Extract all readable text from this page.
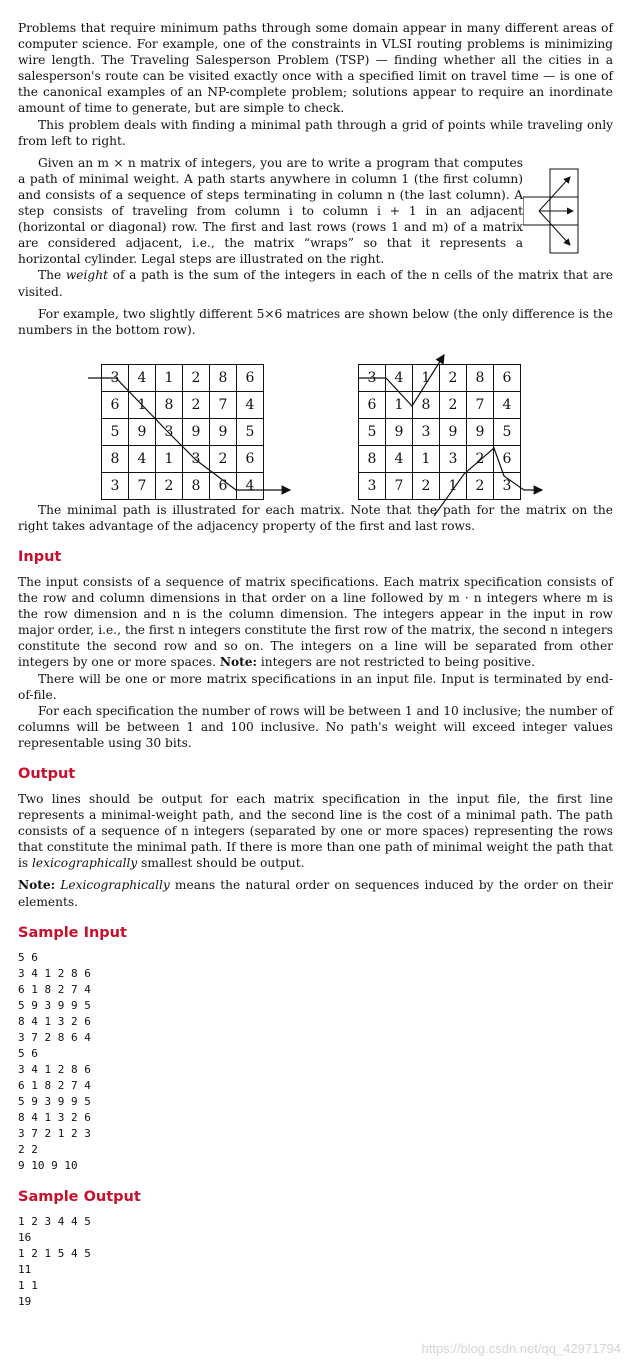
Problems that require minimum paths through some domain appear in many different areas of computer science. For example, one of the constraints in VLSI routing problems is minimizing wire length. The Traveling Salesperson Problem (TSP) — finding whether all the cities in a salesperson's route can be visited exactly once with a specified limit on travel time — is one of the canonical examples of an NP-complete problem; solutions appear to require an inordinate amount of time to generate, but are simple to check.

This problem deals with finding a minimal path through a grid of points while traveling only from left to right.

Given an m × n matrix of integers, you are to write a program that computes a path of minimal weight. A path starts anywhere in column 1 (the first column) and consists of a sequence of steps terminating in column n (the last column). A step consists of traveling from column i to column i + 1 in an adjacent (horizontal or diagonal) row. The first and last rows (rows 1 and m) of a matrix are considered adjacent, i.e., the matrix “wraps” so that it represents a horizontal cylinder. Legal steps are illustrated on the right.

The weight of a path is the sum of the integers in each of the n cells of the matrix that are visited.

For example, two slightly different 5×6 matrices are shown below (the only difference is the numbers in the bottom row).

3	4	1	2	8	6
6	1	8	2	7	4
5	9	3	9	9	5
8	4	1	3	2	6
3	7	2	8	6	4
3	4	1	2	8	6
6	1	8	2	7	4
5	9	3	9	9	5
8	4	1	3	2	6
3	7	2	1	2	3

The minimal path is illustrated for each matrix. Note that the path for the matrix on the right takes advantage of the adjacency property of the first and last rows.

Input

The input consists of a sequence of matrix specifications. Each matrix specification consists of the row and column dimensions in that order on a line followed by m · n integers where m is the row dimension and n is the column dimension. The integers appear in the input in row major order, i.e., the first n integers constitute the first row of the matrix, the second n integers constitute the second row and so on. The integers on a line will be separated from other integers by one or more spaces. Note: integers are not restricted to being positive.

There will be one or more matrix specifications in an input file. Input is terminated by end-of-file.

For each specification the number of rows will be between 1 and 10 inclusive; the number of columns will be between 1 and 100 inclusive. No path's weight will exceed integer values representable using 30 bits.

Output

Two lines should be output for each matrix specification in the input file, the first line represents a minimal-weight path, and the second line is the cost of a minimal path. The path consists of a sequence of n integers (separated by one or more spaces) representing the rows that constitute the minimal path. If there is more than one path of minimal weight the path that is lexicographically smallest should be output.

Note: Lexicographically means the natural order on sequences induced by the order on their elements.

Sample Input
5 6
3 4 1 2 8 6
6 1 8 2 7 4
5 9 3 9 9 5
8 4 1 3 2 6
3 7 2 8 6 4
5 6
3 4 1 2 8 6
6 1 8 2 7 4
5 9 3 9 9 5
8 4 1 3 2 6
3 7 2 1 2 3
2 2
9 10 9 10
Sample Output
1 2 3 4 4 5
16
1 2 1 5 4 5
11
1 1
19
https://blog.csdn.net/qq_42971794
